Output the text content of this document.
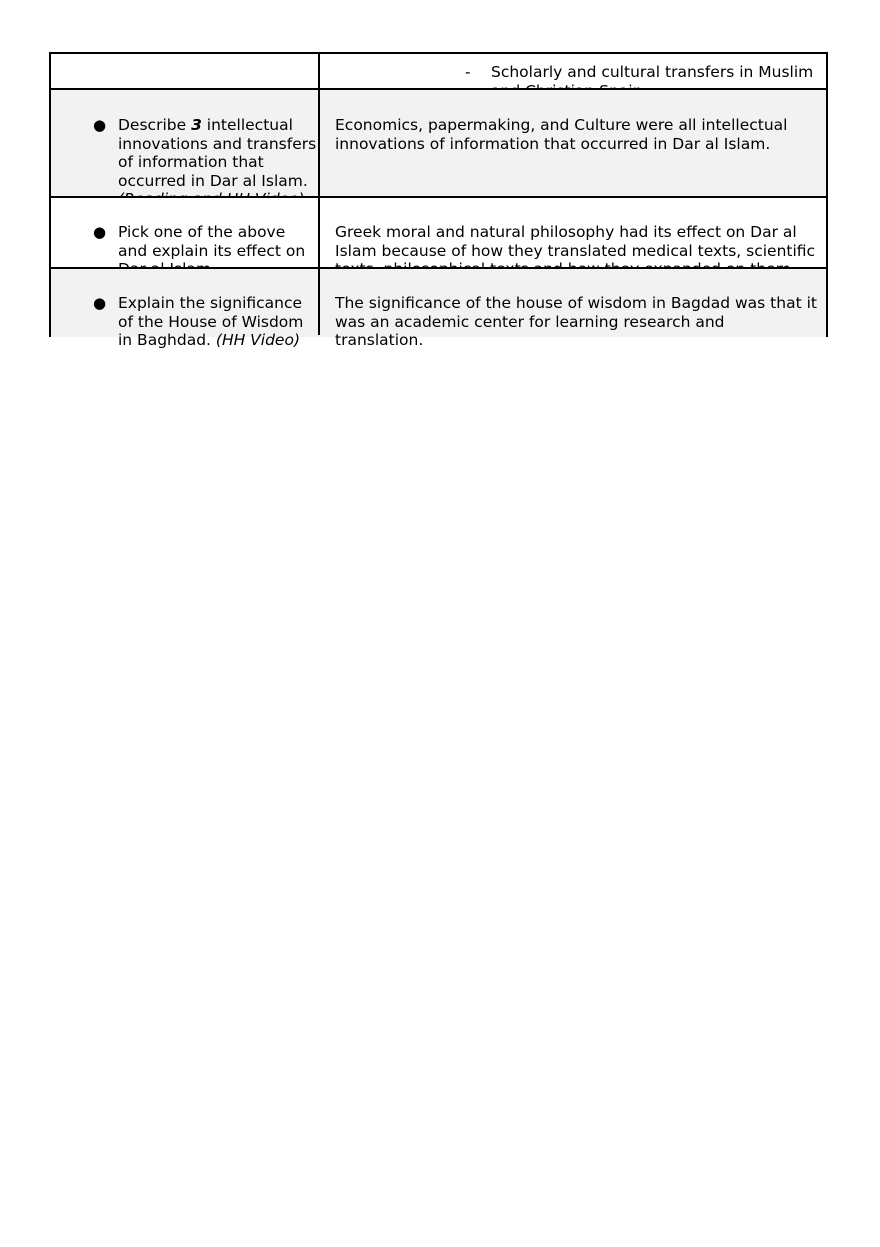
- Scholarly and cultural transfers in Muslim

● Describe 3 intellectual
innovations and transfers
of information that
occurred in Dar al Islam.

Economics, papermaking, and Culture were all intellectual
innovations of information that occurred in Dar al Islam.
● Pick one of the above
and explain its effect on

Greek moral and natural philosophy had its effect on Dar al
Islam because of how they translated medical texts, scientific

● Explain the significance
of the House of Wisdom
in Baghdad. (HH Video)
The significance of the house of wisdom in Bagdad was that it
was an academic center for learning research and
translation.
